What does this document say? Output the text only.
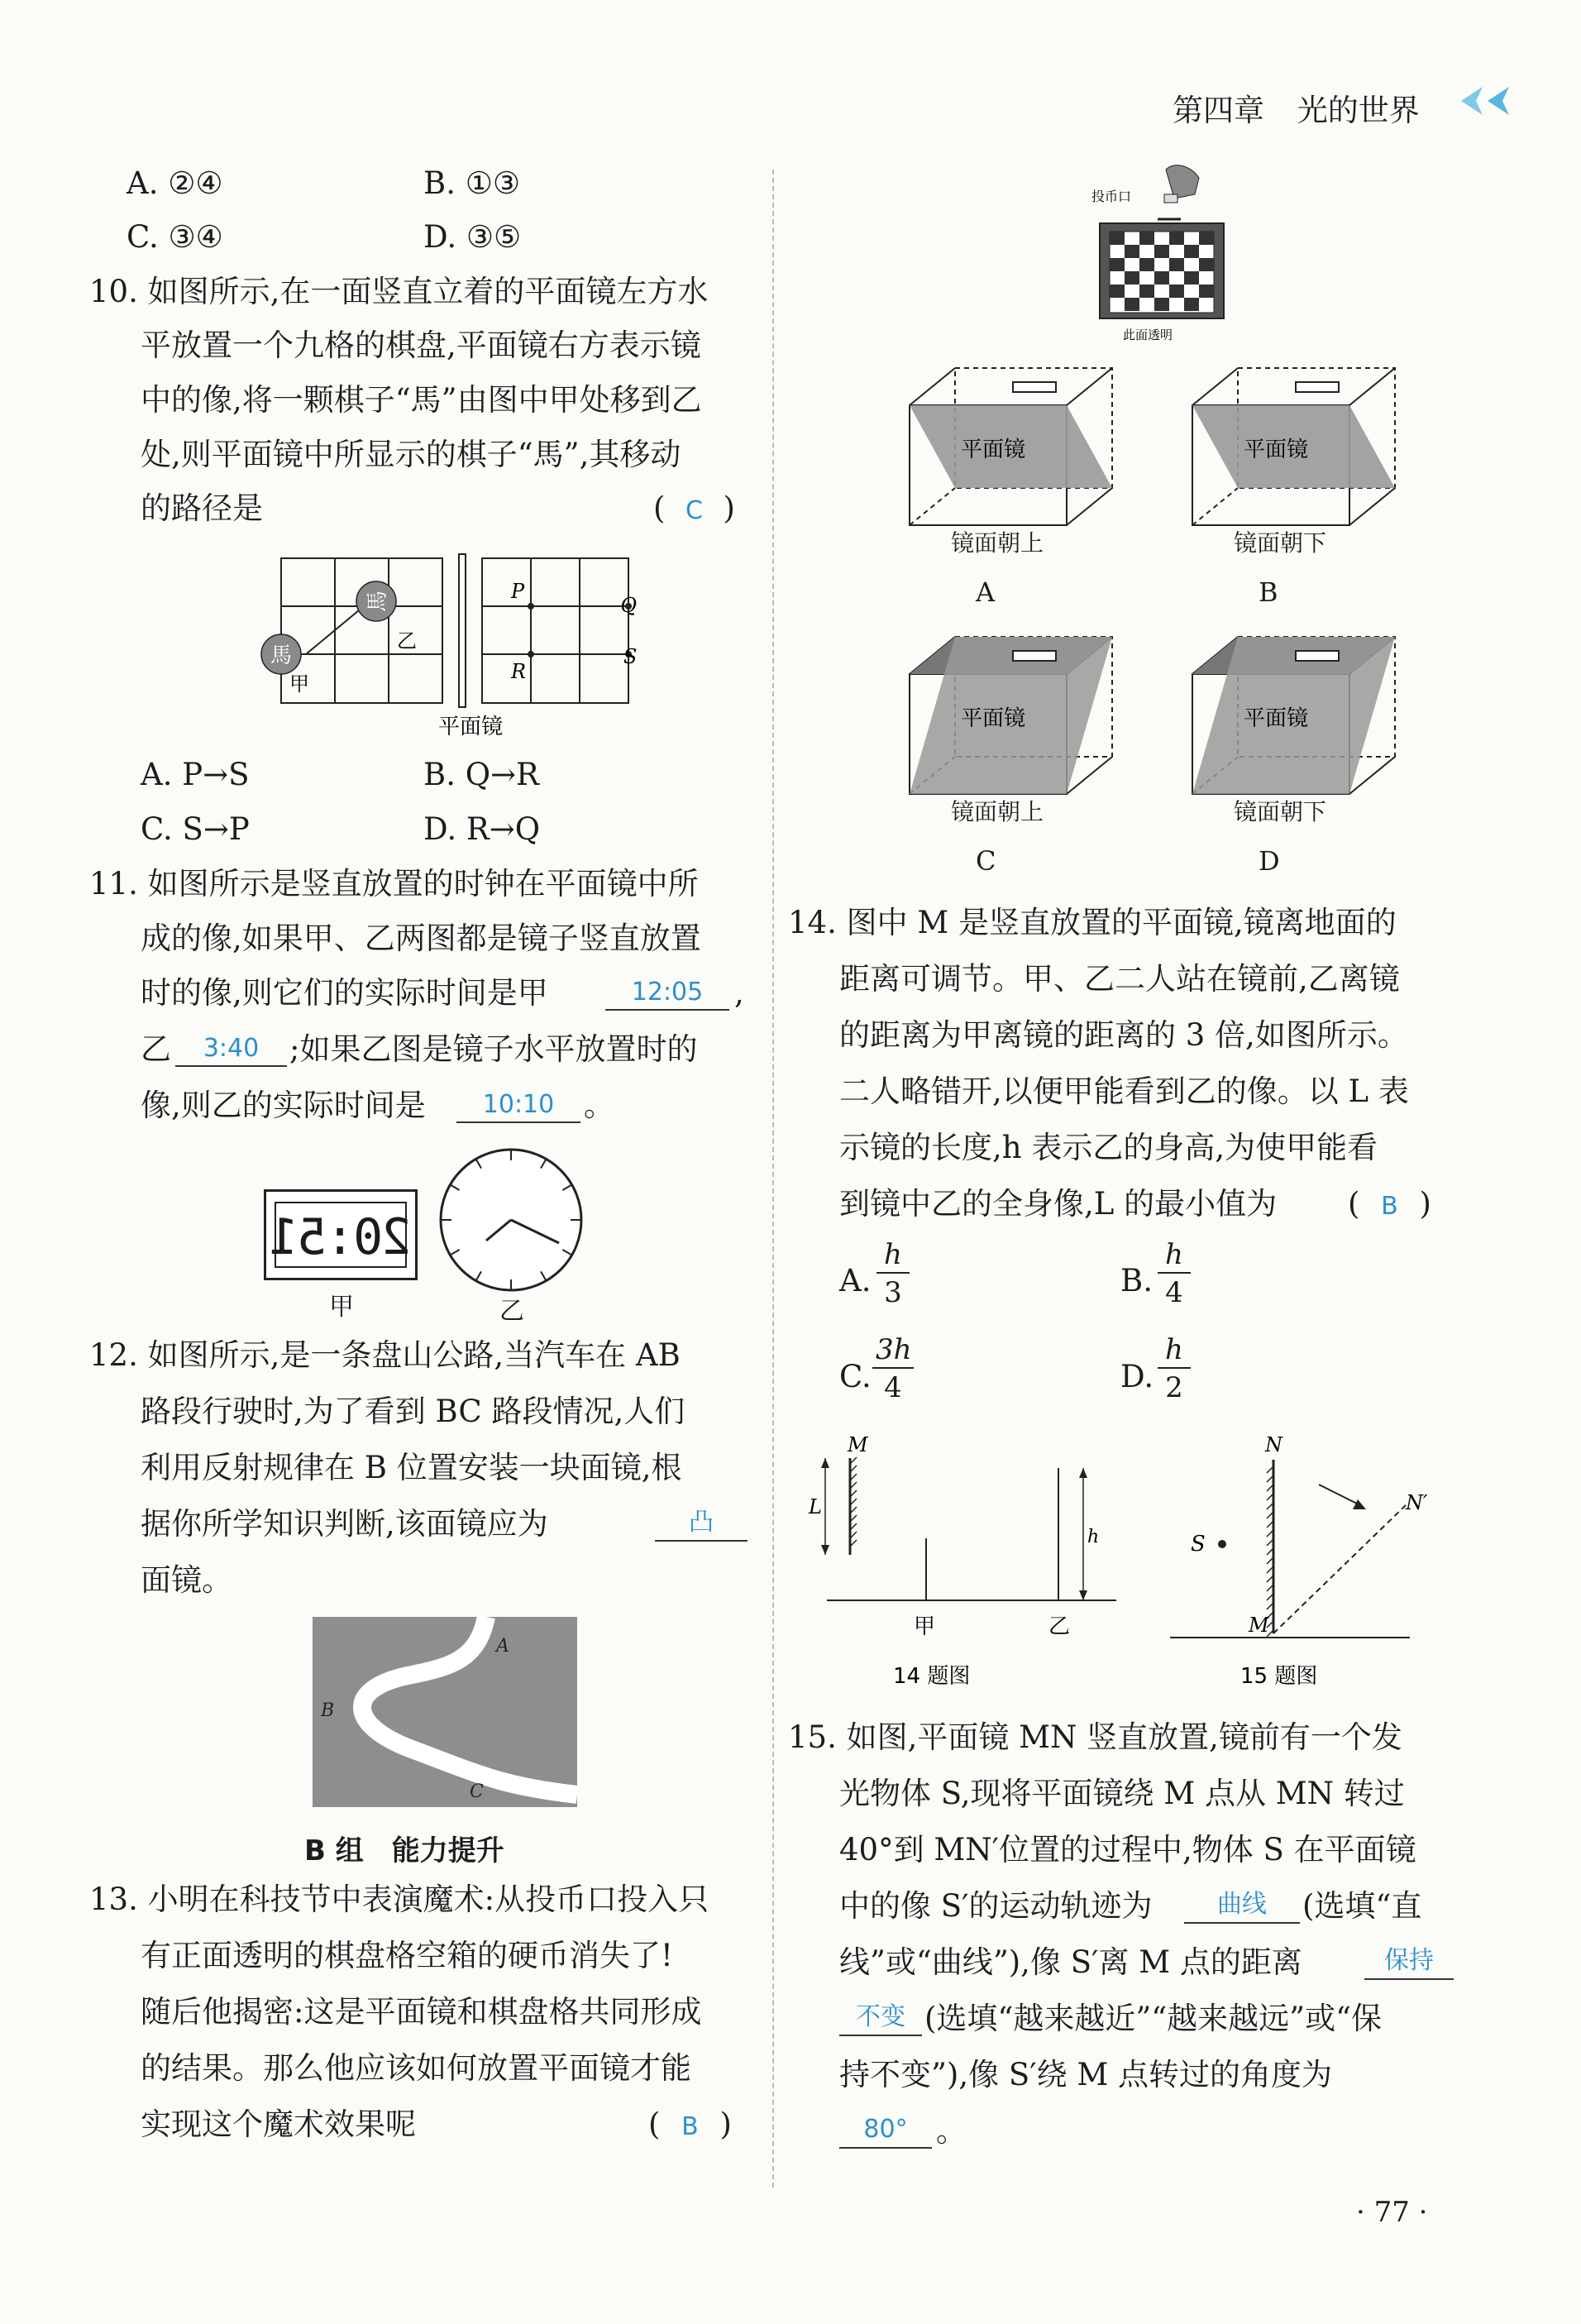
第四章 光的世界
A. ②④	B. ①③
C. ③④	D. ③⑤
10. 如图所示,在一面竖直立着的平面镜左方水
平放置一个九格的棋盘,平面镜右方表示镜
中的像,将一颗棋子“馬”由图中甲处移到乙
处,则平面镜中所显示的棋子“馬”,其移动
的路径是	( C )
馬
馬
甲
乙
P
R
Q
S
平面镜
A. P→S	B. Q→R
C. S→P	D. R→Q
11. 如图所示是竖直放置的时钟在平面镜中所
成的像,如果甲、乙两图都是镜子竖直放置
时的像,则它们的实际时间是甲	12:05	,
乙	3:40 ;如果乙图是镜子水平放置时的
像,则乙的实际时间是	10:10 。
20:51
甲	乙
12. 如图所示,是一条盘山公路,当汽车在 AB
路段行驶时,为了看到 BC 路段情况,人们
利用反射规律在 B 位置安装一块面镜,根
据你所学知识判断,该面镜应为	凸
面镜。
A
B
C
B 组　能力提升
13. 小明在科技节中表演魔术:从投币口投入只
有正面透明的棋盘格空箱的硬币消失了!
随后他揭密:这是平面镜和棋盘格共同形成
的结果。那么他应该如何放置平面镜才能
实现这个魔术效果呢	( B )
投币口
此面透明
平面镜
镜面朝上
A
平面镜
镜面朝下
B
平面镜
镜面朝上
C
平面镜
镜面朝下
D
14. 图中 M 是竖直放置的平面镜,镜离地面的
距离可调节。甲、乙二人站在镜前,乙离镜
的距离为甲离镜的距离的 3 倍,如图所示。
二人略错开,以便甲能看到乙的像。以 L 表
示镜的长度,h 表示乙的身高,为使甲能看
到镜中乙的全身像,L 的最小值为 ( B )
A. $\frac{h}{3}$	B. $\frac{h}{4}$
C. $\frac{3h}{4}$	D. $\frac{h}{2}$
M
L
h
甲	乙
14 题图
N
N′
S
M
15 题图
15. 如图,平面镜 MN 竖直放置,镜前有一个发
光物体 S,现将平面镜绕 M 点从 MN 转过
40°到 MN′位置的过程中,物体 S 在平面镜
中的像 S′的运动轨迹为	曲线	(选填“直
线”或“曲线”),像 S′离 M 点的距离	保持
不变 (选填“越来越近”“越来越远”或“保
持不变”),像 S′绕 M 点转过的角度为
80° 。
· 77 ·
